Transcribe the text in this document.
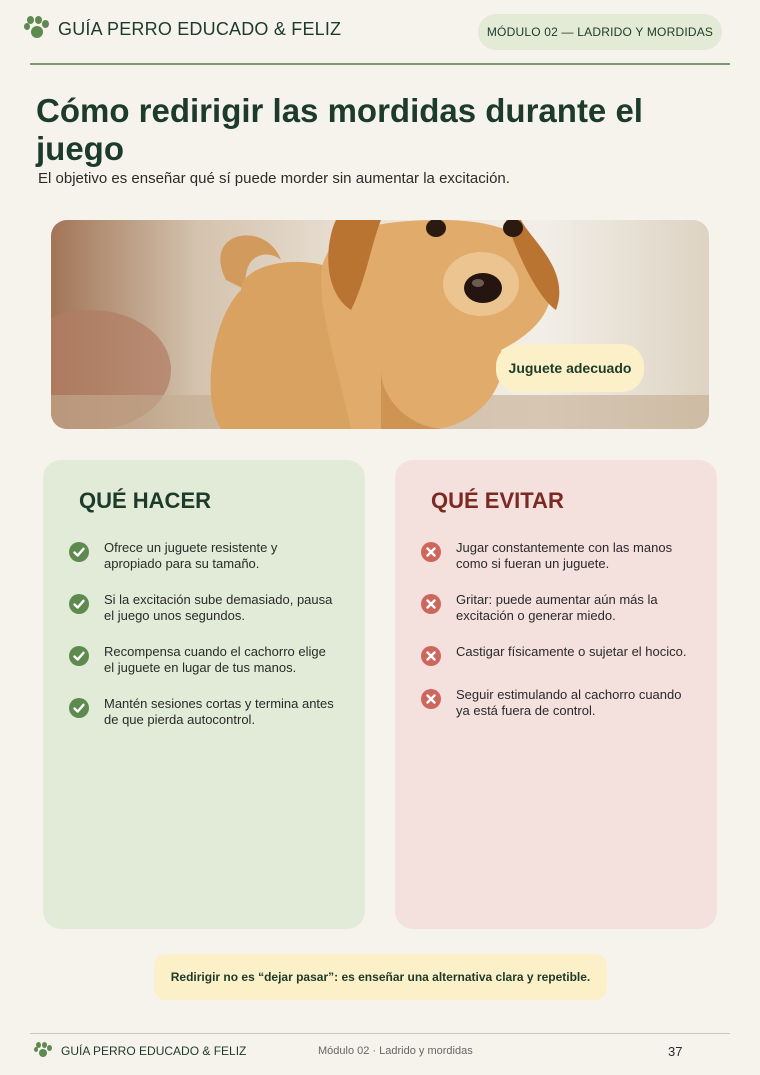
GUÍA PERRO EDUCADO & FELIZ	MÓDULO 02 — LADRIDO Y MORDIDAS
Cómo redirigir las mordidas durante el juego

El objetivo es enseñar qué sí puede morder sin aumentar la excitación.

Juguete adecuado
QUÉ HACER
Ofrece un juguete resistente y apropiado para su tamaño.
Si la excitación sube demasiado, pausa el juego unos segundos.
Recompensa cuando el cachorro elige el juguete en lugar de tus manos.
Mantén sesiones cortas y termina antes de que pierda autocontrol.
QUÉ EVITAR
Jugar constantemente con las manos como si fueran un juguete.
Gritar: puede aumentar aún más la excitación o generar miedo.
Castigar físicamente o sujetar el hocico.
Seguir estimulando al cachorro cuando ya está fuera de control.
Redirigir no es “dejar pasar”: es enseñar una alternativa clara y repetible.
GUÍA PERRO EDUCADO & FELIZ	Módulo 02 · Ladrido y mordidas	37
